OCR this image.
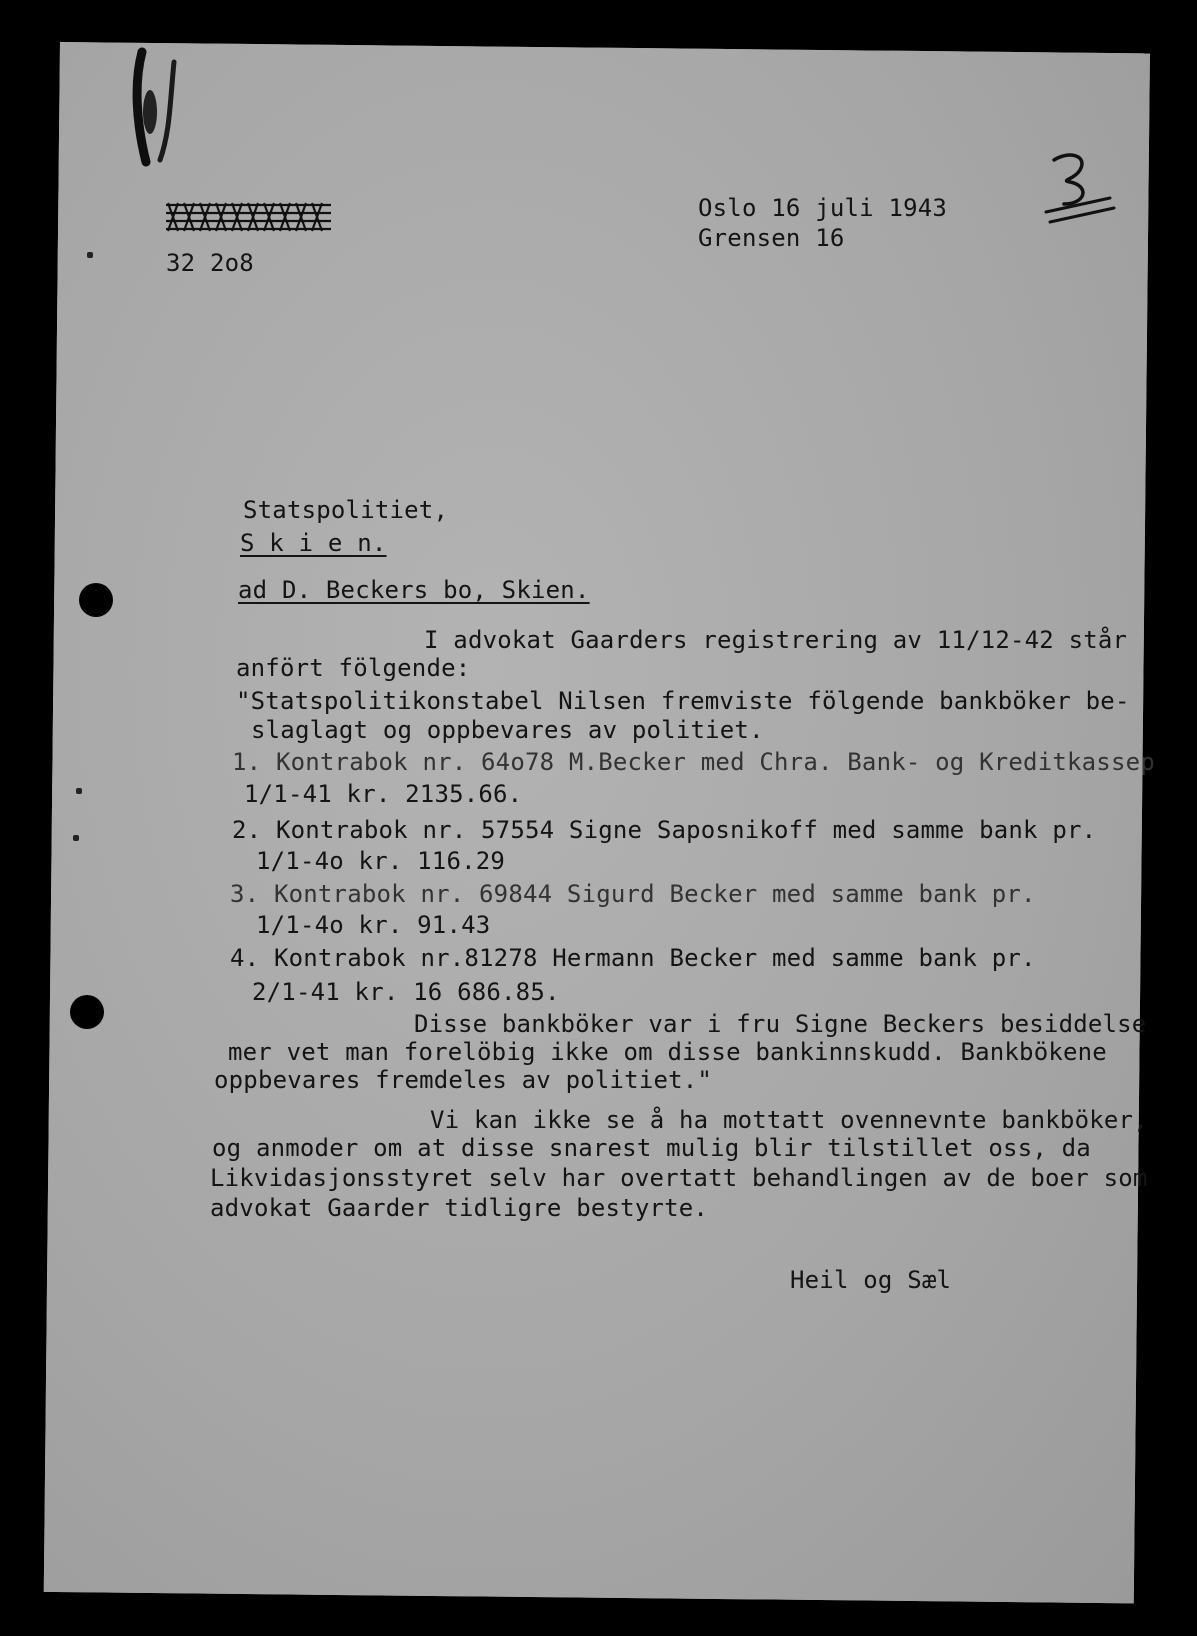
Oslo 16 juli 1943
Grensen 16
32 2o8
Statspolitiet,
S k i e n.
ad D. Beckers bo, Skien.
I advokat Gaarders registrering av 11/12-42 står
anfört fölgende:
"Statspolitikonstabel Nilsen fremviste fölgende bankböker be-
slaglagt og oppbevares av politiet.
1. Kontrabok nr. 64o78 M.Becker med Chra. Bank- og Kreditkassep
1/1-41 kr. 2135.66.
2. Kontrabok nr. 57554 Signe Saposnikoff med samme bank pr.
1/1-4o kr. 116.29
3. Kontrabok nr. 69844 Sigurd Becker med samme bank pr.
1/1-4o kr. 91.43
4. Kontrabok nr.81278 Hermann Becker med samme bank pr.
2/1-41 kr. 16 686.85.
Disse bankböker var i fru Signe Beckers besiddelse
mer vet man forelöbig ikke om disse bankinnskudd. Bankbökene
oppbevares fremdeles av politiet."
Vi kan ikke se å ha mottatt ovennevnte bankböker,
og anmoder om at disse snarest mulig blir tilstillet oss, da
Likvidasjonsstyret selv har overtatt behandlingen av de boer som
advokat Gaarder tidligre bestyrte.
Heil og Sæl
